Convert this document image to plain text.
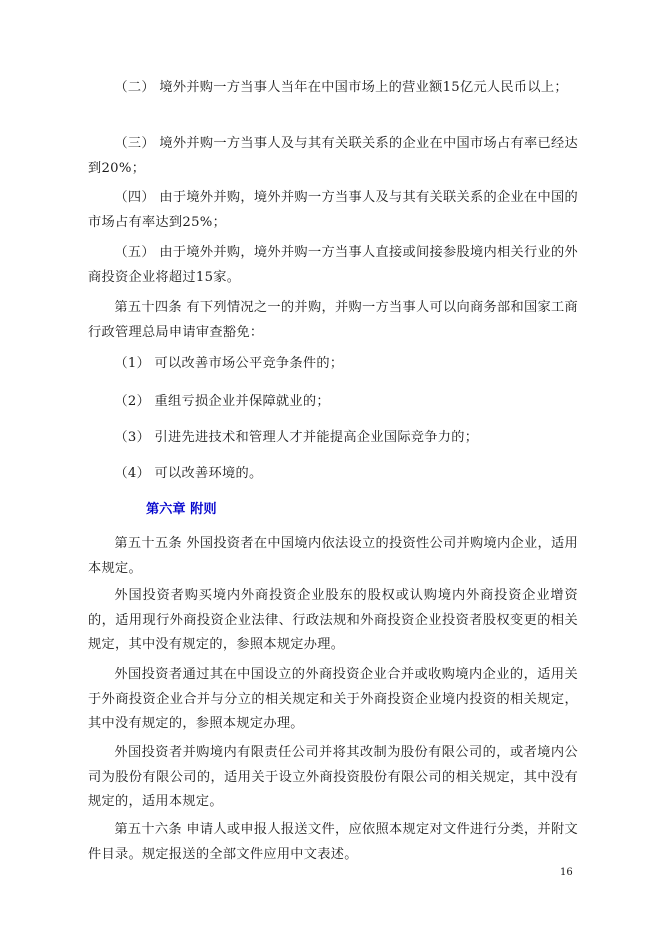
（二） 境外并购一方当事人当年在中国市场上的营业额15亿元人民币以上；

（三） 境外并购一方当事人及与其有关联关系的企业在中国市场占有率已经达到20%；

（四） 由于境外并购，境外并购一方当事人及与其有关联关系的企业在中国的市场占有率达到25%；

（五） 由于境外并购，境外并购一方当事人直接或间接参股境内相关行业的外商投资企业将超过15家。

第五十四条 有下列情况之一的并购，并购一方当事人可以向商务部和国家工商行政管理总局申请审查豁免：

（1） 可以改善市场公平竞争条件的；

（2） 重组亏损企业并保障就业的；

（3） 引进先进技术和管理人才并能提高企业国际竞争力的；

（4） 可以改善环境的。

第六章 附则

第五十五条 外国投资者在中国境内依法设立的投资性公司并购境内企业，适用本规定。

外国投资者购买境内外商投资企业股东的股权或认购境内外商投资企业增资的，适用现行外商投资企业法律、行政法规和外商投资企业投资者股权变更的相关规定，其中没有规定的，参照本规定办理。

外国投资者通过其在中国设立的外商投资企业合并或收购境内企业的，适用关于外商投资企业合并与分立的相关规定和关于外商投资企业境内投资的相关规定，其中没有规定的，参照本规定办理。

外国投资者并购境内有限责任公司并将其改制为股份有限公司的，或者境内公司为股份有限公司的，适用关于设立外商投资股份有限公司的相关规定，其中没有规定的，适用本规定。

第五十六条 申请人或申报人报送文件，应依照本规定对文件进行分类，并附文件目录。规定报送的全部文件应用中文表述。

16
